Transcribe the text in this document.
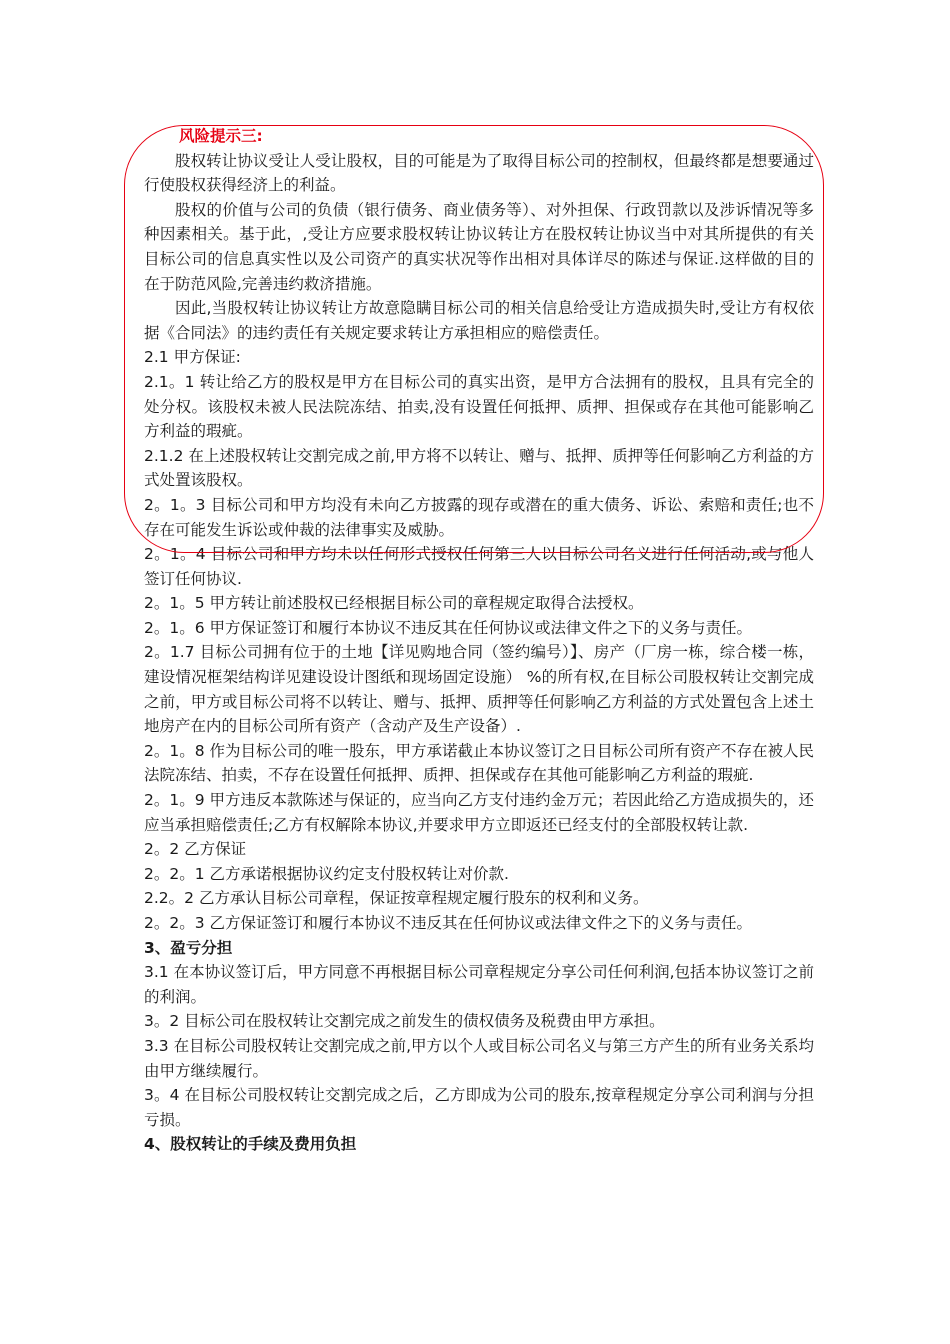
风险提示三:

股权转让协议受让人受让股权，目的可能是为了取得目标公司的控制权，但最终都是想要通过行使股权获得经济上的利益。

股权的价值与公司的负债（银行债务、商业债务等）、对外担保、行政罚款以及涉诉情况等多种因素相关。基于此，,受让方应要求股权转让协议转让方在股权转让协议当中对其所提供的有关目标公司的信息真实性以及公司资产的真实状况等作出相对具体详尽的陈述与保证.这样做的目的在于防范风险,完善违约救济措施。

因此,当股权转让协议转让方故意隐瞒目标公司的相关信息给受让方造成损失时,受让方有权依据《合同法》的违约责任有关规定要求转让方承担相应的赔偿责任。

2.1 甲方保证:

2.1。1 转让给乙方的股权是甲方在目标公司的真实出资，是甲方合法拥有的股权，且具有完全的处分权。该股权未被人民法院冻结、拍卖,没有设置任何抵押、质押、担保或存在其他可能影响乙方利益的瑕疵。

2.1.2 在上述股权转让交割完成之前,甲方将不以转让、赠与、抵押、质押等任何影响乙方利益的方式处置该股权。

2。1。3 目标公司和甲方均没有未向乙方披露的现存或潜在的重大债务、诉讼、索赔和责任;也不存在可能发生诉讼或仲裁的法律事实及威胁。

2。1。4 目标公司和甲方均未以任何形式授权任何第三人以目标公司名义进行任何活动,或与他人签订任何协议.

2。1。5 甲方转让前述股权已经根据目标公司的章程规定取得合法授权。

2。1。6 甲方保证签订和履行本协议不违反其在任何协议或法律文件之下的义务与责任。

2。1.7 目标公司拥有位于的土地【详见购地合同（签约编号）】、房产（厂房一栋，综合楼一栋，建设情况框架结构详见建设设计图纸和现场固定设施） %的所有权,在目标公司股权转让交割完成之前，甲方或目标公司将不以转让、赠与、抵押、质押等任何影响乙方利益的方式处置包含上述土地房产在内的目标公司所有资产（含动产及生产设备）.

2。1。8 作为目标公司的唯一股东，甲方承诺截止本协议签订之日目标公司所有资产不存在被人民法院冻结、拍卖，不存在设置任何抵押、质押、担保或存在其他可能影响乙方利益的瑕疵.

2。1。9 甲方违反本款陈述与保证的，应当向乙方支付违约金万元；若因此给乙方造成损失的，还应当承担赔偿责任;乙方有权解除本协议,并要求甲方立即返还已经支付的全部股权转让款.

2。2 乙方保证

2。2。1 乙方承诺根据协议约定支付股权转让对价款.

2.2。2 乙方承认目标公司章程，保证按章程规定履行股东的权利和义务。

2。2。3 乙方保证签订和履行本协议不违反其在任何协议或法律文件之下的义务与责任。

3、盈亏分担

3.1 在本协议签订后，甲方同意不再根据目标公司章程规定分享公司任何利润,包括本协议签订之前的利润。

3。2 目标公司在股权转让交割完成之前发生的债权债务及税费由甲方承担。

3.3 在目标公司股权转让交割完成之前,甲方以个人或目标公司名义与第三方产生的所有业务关系均由甲方继续履行。

3。4 在目标公司股权转让交割完成之后，乙方即成为公司的股东,按章程规定分享公司利润与分担亏损。

4、股权转让的手续及费用负担
